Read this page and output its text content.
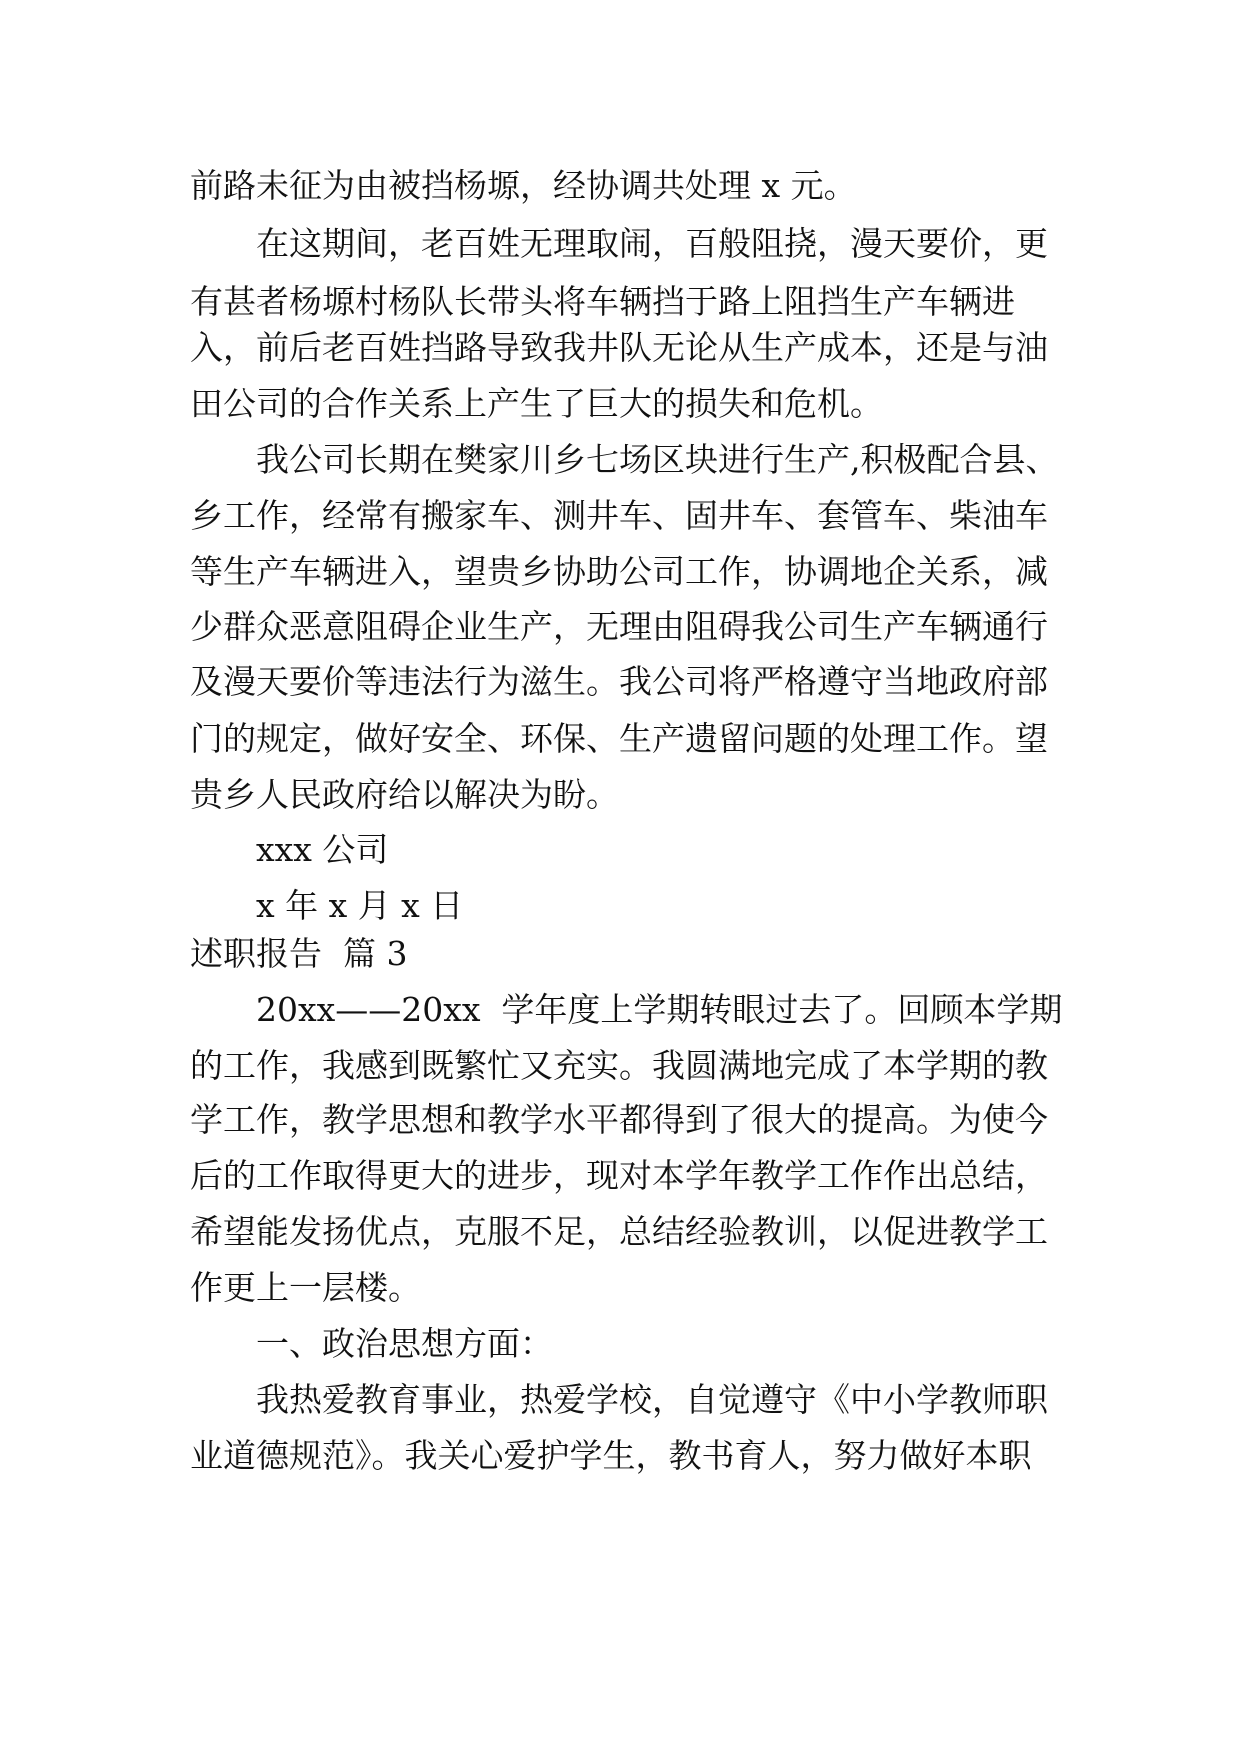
前路未征为由被挡杨塬，经协调共处理 x 元。
在这期间，老百姓无理取闹，百般阻挠，漫天要价，更
有甚者杨塬村杨队长带头将车辆挡于路上阻挡生产车辆进
入，前后老百姓挡路导致我井队无论从生产成本，还是与油
田公司的合作关系上产生了巨大的损失和危机。
我公司长期在樊家川乡七场区块进行生产,积极配合县、
乡工作，经常有搬家车、测井车、固井车、套管车、柴油车
等生产车辆进入，望贵乡协助公司工作，协调地企关系，减
少群众恶意阻碍企业生产，无理由阻碍我公司生产车辆通行
及漫天要价等违法行为滋生。我公司将严格遵守当地政府部
门的规定，做好安全、环保、生产遗留问题的处理工作。望
贵乡人民政府给以解决为盼。
xxx 公司
x 年 x 月 x 日
述职报告  篇 3
20xx——20xx  学年度上学期转眼过去了。回顾本学期
的工作，我感到既繁忙又充实。我圆满地完成了本学期的教
学工作，教学思想和教学水平都得到了很大的提高。为使今
后的工作取得更大的进步，现对本学年教学工作作出总结，
希望能发扬优点，克服不足，总结经验教训，以促进教学工
作更上一层楼。
一、政治思想方面：
我热爱教育事业，热爱学校，自觉遵守《中小学教师职
业道德规范》。我关心爱护学生，教书育人，努力做好本职
